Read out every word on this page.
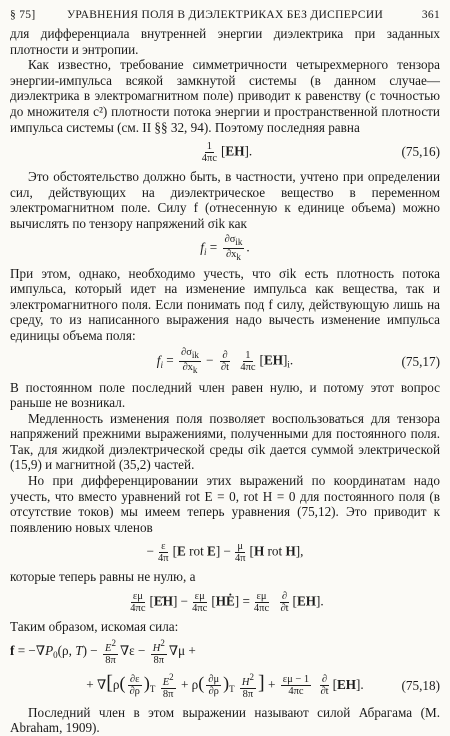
§ 75]	УРАВНЕНИЯ ПОЛЯ В ДИЭЛЕКТРИКАХ БЕЗ ДИСПЕРСИИ	361

для дифференциала внутренней энергии диэлектрика при заданных плотности и энтропии.

Как известно, требование симметричности четырехмерного тензора энергии-импульса всякой замкнутой системы (в данном случае—диэлектрика в электромагнитном поле) приводит к равенству (с точностью до множителя c²) плотности потока энергии и пространственной плотности импульса системы (см. II §§ 32, 94). Поэтому последняя равна

$\frac{1}{4\pi c} [EH]$.	(75,16)

Это обстоятельство должно быть, в частности, учтено при определении сил, действующих на диэлектрическое вещество в переменном электромагнитном поле. Силу f (отнесенную к единице объема) можно вычислять по тензору напряжений σik как

$f_i = \frac{\text{∂σik}}{\partial xk}$ .

При этом, однако, необходимо учесть, что σik есть плотность потока импульса, который идет на изменение импульса как вещества, так и электромагнитного поля. Если понимать под f силу, действующую лишь на среду, то из написанного выражения надо вычесть изменение импульса единицы объема поля:

$f_i = \frac{\text{∂σik}}{\partial xk} - \frac{\partial}{\partial t}$
$\frac{1}{4\pi c} [EH]_i$.	(75,17)

В постоянном поле последний член равен нулю, и потому этот вопрос раньше не возникал.

Медленность изменения поля позволяет воспользоваться для тензора напряжений прежними выражениями, полученными для постоянного поля. Так, для жидкой диэлектрической среды σik дается суммой электрической (15,9) и магнитной (35,2) частей.

Но при дифференцировании этих выражений по координатам надо учесть, что вместо уравнений rot E = 0, rot H = 0 для постоянного поля (в отсутствие токов) мы имеем теперь уравнения (75,12). Это приводит к появлению новых членов

− $\frac{\varepsilon}{4\pi} [E$ rot $E] - \frac{\mu}{4\pi} [H$ rot H],

которые теперь равны не нулю, а

$\frac{\varepsilon\mu}{4\pi c} [EH] - \frac{\varepsilon\mu}{4\pi c}$ [HĖ] = $\frac{\varepsilon\mu}{4\pi c}$
$\frac{\partial}{\partial t} [EH]$.

Таким образом, искомая сила:

$f = -\nabla P_0(\rho$, $T) - \frac{E2}{8\pi} \nabla\varepsilon - \frac{H2}{8\pi} \nabla\mu$ +
+ $\nabla[\rho( \frac{\partial\varepsilon}{\partial\rho} )_T \frac{E2}{8\pi} + \rho( \frac{\partial\mu}{\partial\rho} )_T \frac{H2}{8\pi}$ ] + $\frac{\varepsilon\mu - 1}{4\pi c}$
$\frac{\partial}{\partial t} [EH]$.	(75,18)

Последний член в этом выражении называют силой Абрагама (M. Abraham, 1909).
